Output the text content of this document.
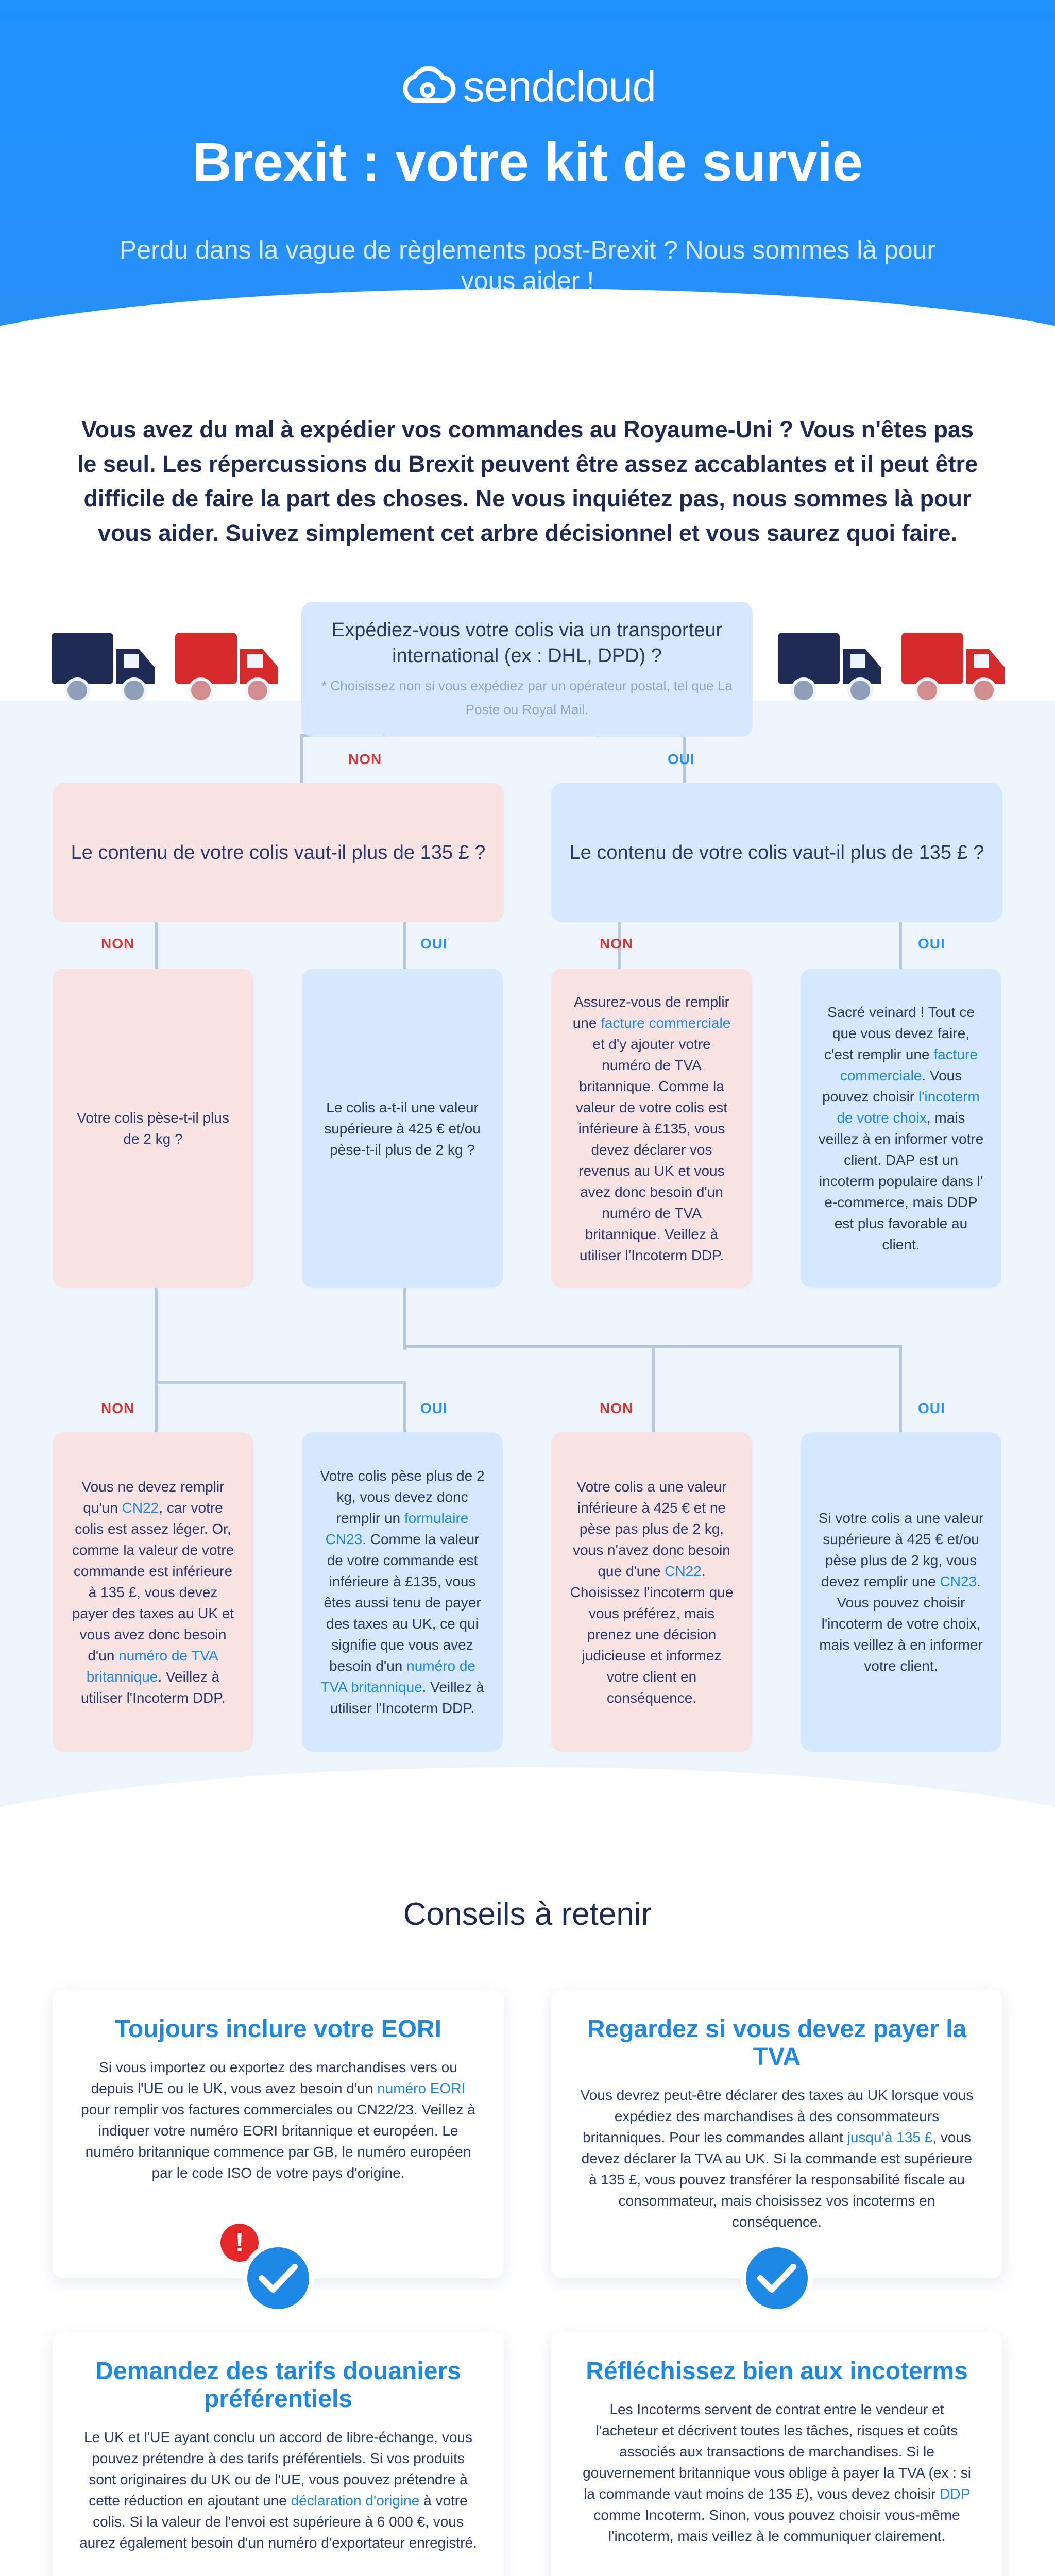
sendcloud
Brexit : votre kit de survie
Perdu dans la vague de règlements post-Brexit ? Nous sommes là pour vous aider !
Vous avez du mal à expédier vos commandes au Royaume-Uni ? Vous n'êtes pas le seul. Les répercussions du Brexit peuvent être assez accablantes et il peut être difficile de faire la part des choses. Ne vous inquiétez pas, nous sommes là pour vous aider. Suivez simplement cet arbre décisionnel et vous saurez quoi faire.
Expédiez-vous votre colis via un transporteur international (ex : DHL, DPD) ?
* Choisissez non si vous expédiez par un opérateur postal, tel que La Poste ou Royal Mail.
NON	OUI
Le contenu de votre colis vaut-il plus de 135 £ ?	Le contenu de votre colis vaut-il plus de 135 £ ?
NON	OUI	NON	OUI
Votre colis pèse-t-il plus de 2 kg ?
Le colis a-t-il une valeur supérieure à 425 € et/ou pèse-t-il plus de 2 kg ?
Assurez-vous de remplir une facture commerciale et d'y ajouter votre numéro de TVA britannique. Comme la valeur de votre colis est inférieure à £135, vous devez déclarer vos revenus au UK et vous avez donc besoin d'un numéro de TVA britannique. Veillez à utiliser l'Incoterm DDP.
Sacré veinard ! Tout ce que vous devez faire, c'est remplir une facture commerciale. Vous pouvez choisir l'incoterm de votre choix, mais veillez à en informer votre client. DAP est un incoterm populaire dans l' e-commerce, mais DDP est plus favorable au client.
NON	OUI	NON	OUI
Vous ne devez remplir qu'un CN22, car votre colis est assez léger. Or, comme la valeur de votre commande est inférieure à 135 £, vous devez payer des taxes au UK et vous avez donc besoin d'un numéro de TVA britannique. Veillez à utiliser l'Incoterm DDP.
Votre colis pèse plus de 2 kg, vous devez donc remplir un formulaire CN23. Comme la valeur de votre commande est inférieure à £135, vous êtes aussi tenu de payer des taxes au UK, ce qui signifie que vous avez besoin d'un numéro de TVA britannique. Veillez à utiliser l'Incoterm DDP.
Votre colis a une valeur inférieure à 425 € et ne pèse pas plus de 2 kg, vous n'avez donc besoin que d'une CN22. Choisissez l'incoterm que vous préférez, mais prenez une décision judicieuse et informez votre client en conséquence.
Si votre colis a une valeur supérieure à 425 € et/ou pèse plus de 2 kg, vous devez remplir une CN23. Vous pouvez choisir l'incoterm de votre choix, mais veillez à en informer votre client.
Conseils à retenir
Toujours inclure votre EORI

Si vous importez ou exportez des marchandises vers ou depuis l'UE ou le UK, vous avez besoin d'un numéro EORI pour remplir vos factures commerciales ou CN22/23. Veillez à indiquer votre numéro EORI britannique et européen. Le numéro britannique commence par GB, le numéro européen par le code ISO de votre pays d'origine.

!
Regardez si vous devez payer la TVA

Vous devrez peut-être déclarer des taxes au UK lorsque vous expédiez des marchandises à des consommateurs britanniques. Pour les commandes allant jusqu'à 135 £, vous devez déclarer la TVA au UK. Si la commande est supérieure à 135 £, vous pouvez transférer la responsabilité fiscale au consommateur, mais choisissez vos incoterms en conséquence.

Demandez des tarifs douaniers préférentiels

Le UK et l'UE ayant conclu un accord de libre-échange, vous pouvez prétendre à des tarifs préférentiels. Si vos produits sont originaires du UK ou de l'UE, vous pouvez prétendre à cette réduction en ajoutant une déclaration d'origine à votre colis. Si la valeur de l'envoi est supérieure à 6 000 €, vous aurez également besoin d'un numéro d'exportateur enregistré.

Réfléchissez bien aux incoterms

Les Incoterms servent de contrat entre le vendeur et l'acheteur et décrivent toutes les tâches, risques et coûts associés aux transactions de marchandises. Si le gouvernement britannique vous oblige à payer la TVA (ex : si la commande vaut moins de 135 £), vous devez choisir DDP comme Incoterm. Sinon, vous pouvez choisir vous-même l'incoterm, mais veillez à le communiquer clairement.
